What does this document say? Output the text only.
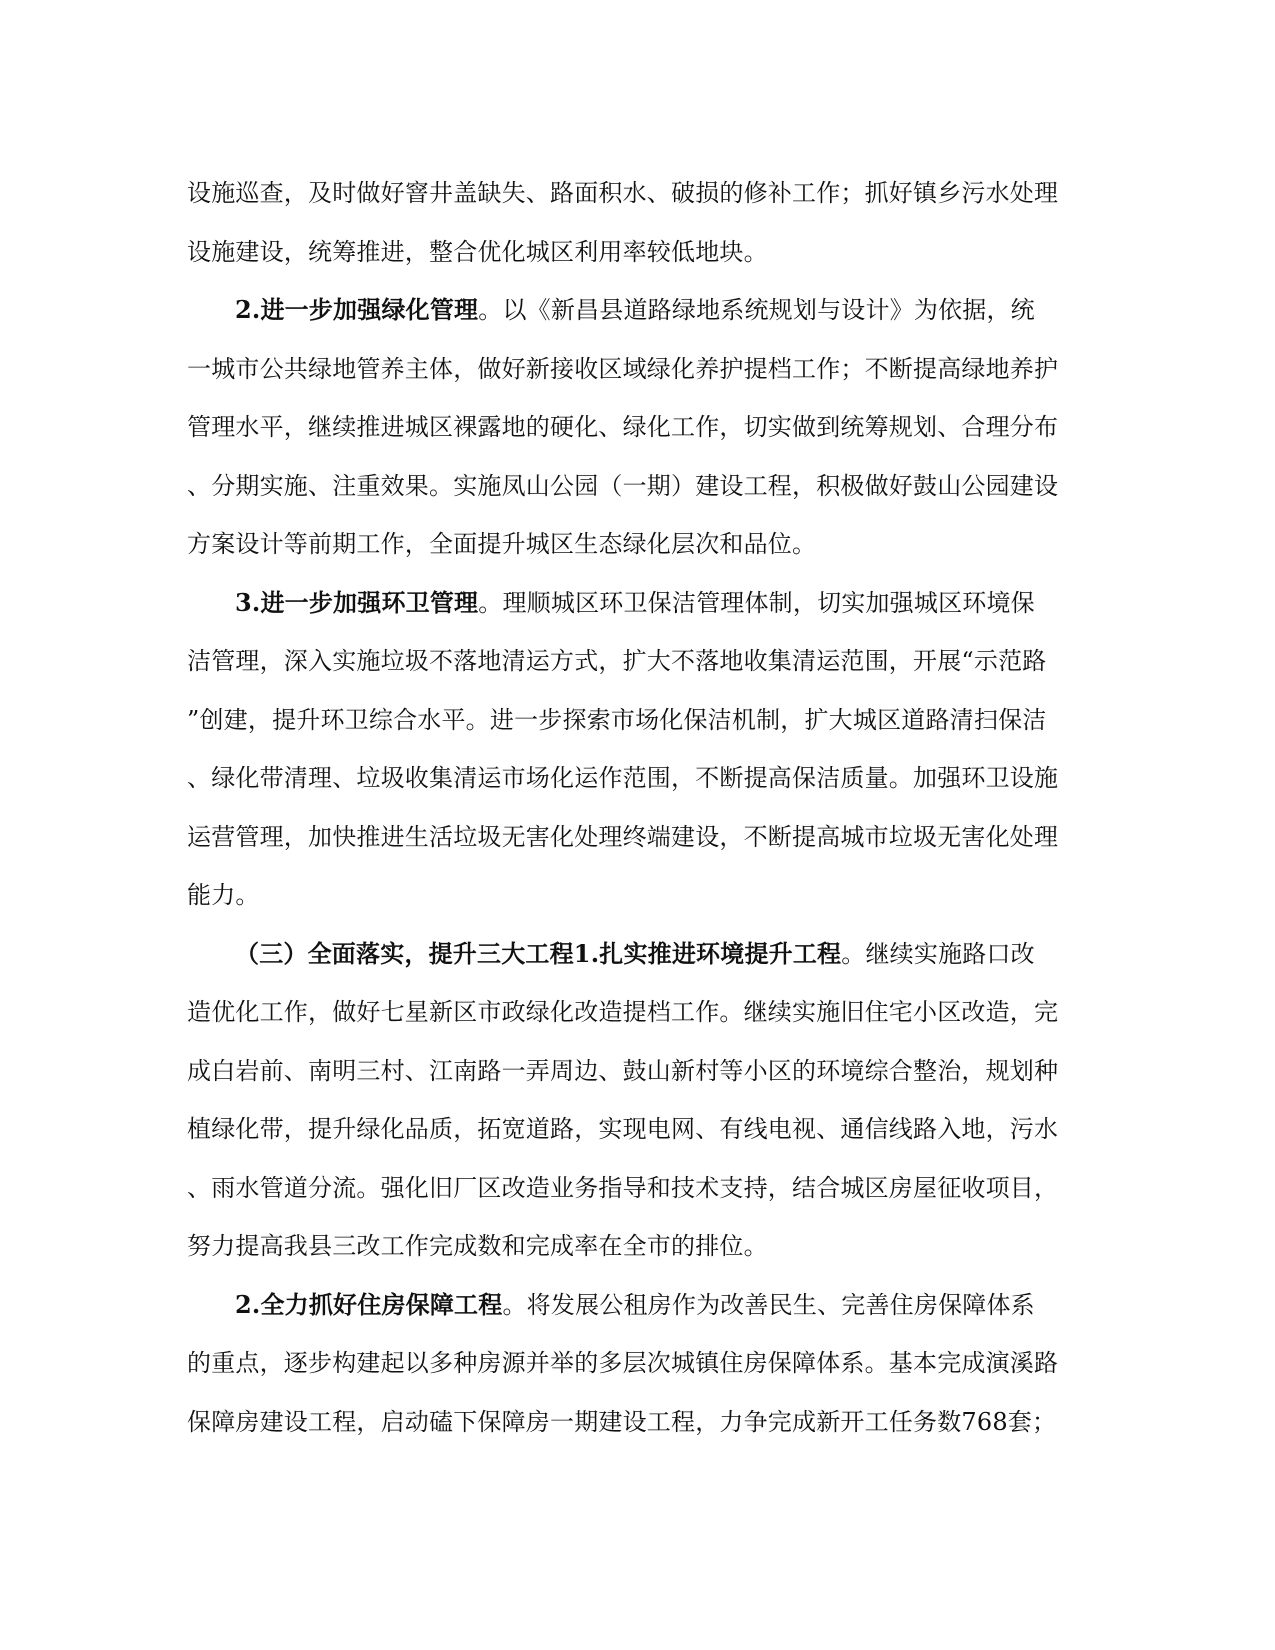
设施巡查，及时做好窨井盖缺失、路面积水、破损的修补工作；抓好镇乡污水处理
设施建设，统筹推进，整合优化城区利用率较低地块。
2.进一步加强绿化管理。以《新昌县道路绿地系统规划与设计》为依据，统
一城市公共绿地管养主体，做好新接收区域绿化养护提档工作；不断提高绿地养护
管理水平，继续推进城区裸露地的硬化、绿化工作，切实做到统筹规划、合理分布
、分期实施、注重效果。实施凤山公园（一期）建设工程，积极做好鼓山公园建设
方案设计等前期工作，全面提升城区生态绿化层次和品位。
3.进一步加强环卫管理。理顺城区环卫保洁管理体制，切实加强城区环境保
洁管理，深入实施垃圾不落地清运方式，扩大不落地收集清运范围，开展“示范路
”创建，提升环卫综合水平。进一步探索市场化保洁机制，扩大城区道路清扫保洁
、绿化带清理、垃圾收集清运市场化运作范围，不断提高保洁质量。加强环卫设施
运营管理，加快推进生活垃圾无害化处理终端建设，不断提高城市垃圾无害化处理
能力。
（三）全面落实，提升三大工程1.扎实推进环境提升工程。继续实施路口改
造优化工作，做好七星新区市政绿化改造提档工作。继续实施旧住宅小区改造，完
成白岩前、南明三村、江南路一弄周边、鼓山新村等小区的环境综合整治，规划种
植绿化带，提升绿化品质，拓宽道路，实现电网、有线电视、通信线路入地，污水
、雨水管道分流。强化旧厂区改造业务指导和技术支持，结合城区房屋征收项目，
努力提高我县三改工作完成数和完成率在全市的排位。
2.全力抓好住房保障工程。将发展公租房作为改善民生、完善住房保障体系
的重点，逐步构建起以多种房源并举的多层次城镇住房保障体系。基本完成演溪路
保障房建设工程，启动磕下保障房一期建设工程，力争完成新开工任务数768套；
